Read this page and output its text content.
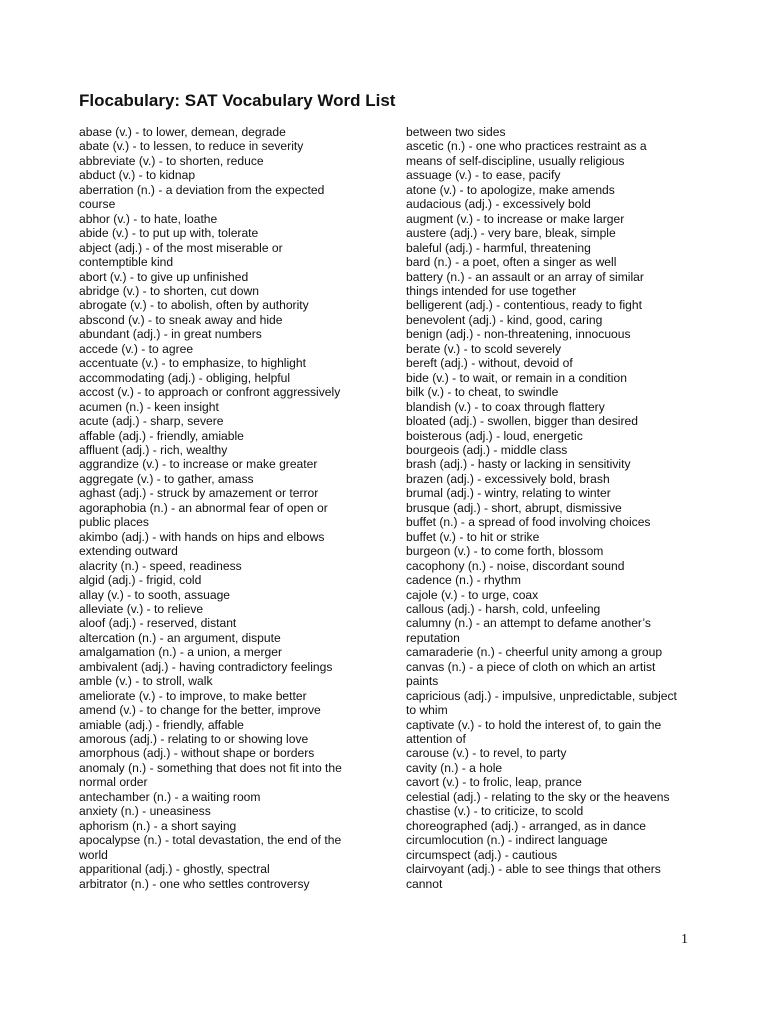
Flocabulary: SAT Vocabulary Word List
abase (v.) - to lower, demean, degrade
abate (v.) - to lessen, to reduce in severity
abbreviate (v.) - to shorten, reduce
abduct (v.) - to kidnap
aberration (n.) - a deviation from the expected
course
abhor (v.) - to hate, loathe
abide (v.) - to put up with, tolerate
abject (adj.) - of the most miserable or
contemptible kind
abort (v.) - to give up unfinished
abridge (v.) - to shorten, cut down
abrogate (v.) - to abolish, often by authority
abscond (v.) - to sneak away and hide
abundant (adj.) - in great numbers
accede (v.) - to agree
accentuate (v.) - to emphasize, to highlight
accommodating (adj.) - obliging, helpful
accost (v.) - to approach or confront aggressively
acumen (n.) - keen insight
acute (adj.) - sharp, severe
affable (adj.) - friendly, amiable
affluent (adj.) - rich, wealthy
aggrandize (v.) - to increase or make greater
aggregate (v.) - to gather, amass
aghast (adj.) - struck by amazement or terror
agoraphobia (n.) - an abnormal fear of open or
public places
akimbo (adj.) - with hands on hips and elbows
extending outward
alacrity (n.) - speed, readiness
algid (adj.) - frigid, cold
allay (v.) - to sooth, assuage
alleviate (v.) - to relieve
aloof (adj.) - reserved, distant
altercation (n.) - an argument, dispute
amalgamation (n.) - a union, a merger
ambivalent (adj.) - having contradictory feelings
amble (v.) - to stroll, walk
ameliorate (v.) - to improve, to make better
amend (v.) - to change for the better, improve
amiable (adj.) - friendly, affable
amorous (adj.) - relating to or showing love
amorphous (adj.) - without shape or borders
anomaly (n.) - something that does not fit into the
normal order
antechamber (n.) - a waiting room
anxiety (n.) - uneasiness
aphorism (n.) - a short saying
apocalypse (n.) - total devastation, the end of the
world
apparitional (adj.) - ghostly, spectral
arbitrator (n.) - one who settles controversy
between two sides
ascetic (n.) - one who practices restraint as a
means of self-discipline, usually religious
assuage (v.) - to ease, pacify
atone (v.) - to apologize, make amends
audacious (adj.) - excessively bold
augment (v.) - to increase or make larger
austere (adj.) - very bare, bleak, simple
baleful (adj.) - harmful, threatening
bard (n.) - a poet, often a singer as well
battery (n.) - an assault or an array of similar
things intended for use together
belligerent (adj.) - contentious, ready to fight
benevolent (adj.) - kind, good, caring
benign (adj.) - non-threatening, innocuous
berate (v.) - to scold severely
bereft (adj.) - without, devoid of
bide (v.) - to wait, or remain in a condition
bilk (v.) - to cheat, to swindle
blandish (v.) - to coax through flattery
bloated (adj.) - swollen, bigger than desired
boisterous (adj.) - loud, energetic
bourgeois (adj.) - middle class
brash (adj.) - hasty or lacking in sensitivity
brazen (adj.) - excessively bold, brash
brumal (adj.) - wintry, relating to winter
brusque (adj.) - short, abrupt, dismissive
buffet (n.) - a spread of food involving choices
buffet (v.) - to hit or strike
burgeon (v.) - to come forth, blossom
cacophony (n.) - noise, discordant sound
cadence (n.) - rhythm
cajole (v.) - to urge, coax
callous (adj.) - harsh, cold, unfeeling
calumny (n.) - an attempt to defame another’s
reputation
camaraderie (n.) - cheerful unity among a group
canvas (n.) - a piece of cloth on which an artist
paints
capricious (adj.) - impulsive, unpredictable, subject
to whim
captivate (v.) - to hold the interest of, to gain the
attention of
carouse (v.) - to revel, to party
cavity (n.) - a hole
cavort (v.) - to frolic, leap, prance
celestial (adj.) - relating to the sky or the heavens
chastise (v.) - to criticize, to scold
choreographed (adj.) - arranged, as in dance
circumlocution (n.) - indirect language
circumspect (adj.) - cautious
clairvoyant (adj.) - able to see things that others
cannot
1
